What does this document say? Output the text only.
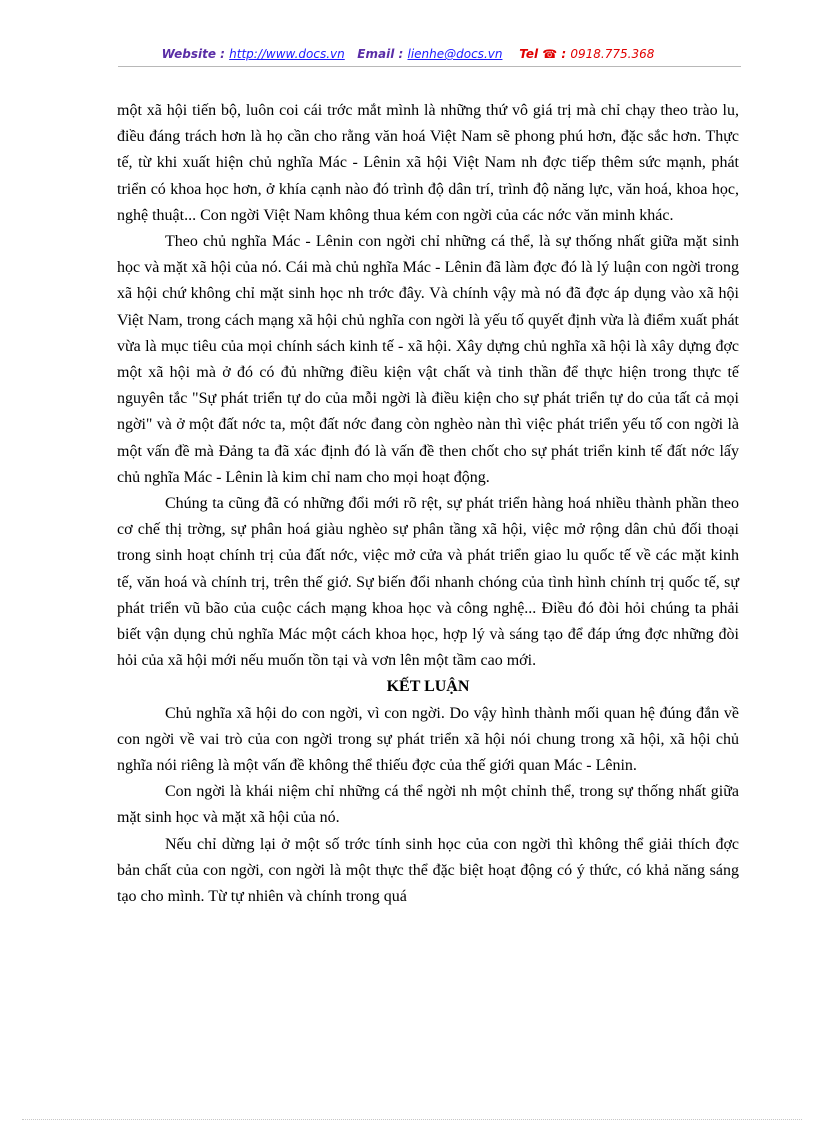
Website : http://www.docs.vn Email : lienhe@docs.vn Tel ☎ : 0918.775.368

một xã hội tiến bộ, luôn coi cái trớc mắt mình là những thứ vô giá trị mà chỉ chạy theo trào lu, điều đáng trách hơn là họ cần cho rằng văn hoá Việt Nam sẽ phong phú hơn, đặc sắc hơn. Thực tế, từ khi xuất hiện chủ nghĩa Mác - Lênin xã hội Việt Nam nh đợc tiếp thêm sức mạnh, phát triển có khoa học hơn, ở khía cạnh nào đó trình độ dân trí, trình độ năng lực, văn hoá, khoa học, nghệ thuật... Con ngời Việt Nam không thua kém con ngời của các nớc văn minh khác.

Theo chủ nghĩa Mác - Lênin con ngời chỉ những cá thể, là sự thống nhất giữa mặt sinh học và mặt xã hội của nó. Cái mà chủ nghĩa Mác - Lênin đã làm đợc đó là lý luận con ngời trong xã hội chứ không chỉ mặt sinh học nh trớc đây. Và chính vậy mà nó đã đợc áp dụng vào xã hội Việt Nam, trong cách mạng xã hội chủ nghĩa con ngời là yếu tố quyết định vừa là điểm xuất phát vừa là mục tiêu của mọi chính sách kinh tế - xã hội. Xây dựng chủ nghĩa xã hội là xây dựng đợc một xã hội mà ở đó có đủ những điều kiện vật chất và tinh thần để thực hiện trong thực tế nguyên tắc "Sự phát triển tự do của mỗi ngời là điều kiện cho sự phát triển tự do của tất cả mọi ngời" và ở một đất nớc ta, một đất nớc đang còn nghèo nàn thì việc phát triển yếu tố con ngời là một vấn đề mà Đảng ta đã xác định đó là vấn đề then chốt cho sự phát triển kinh tế đất nớc lấy chủ nghĩa Mác - Lênin là kim chỉ nam cho mọi hoạt động.

Chúng ta cũng đã có những đổi mới rõ rệt, sự phát triển hàng hoá nhiều thành phần theo cơ chế thị trờng, sự phân hoá giàu nghèo sự phân tầng xã hội, việc mở rộng dân chủ đối thoại trong sinh hoạt chính trị của đất nớc, việc mở cửa và phát triển giao lu quốc tế về các mặt kinh tế, văn hoá và chính trị, trên thế giớ. Sự biến đổi nhanh chóng của tình hình chính trị quốc tế, sự phát triển vũ bão của cuộc cách mạng khoa học và công nghệ... Điều đó đòi hỏi chúng ta phải biết vận dụng chủ nghĩa Mác một cách khoa học, hợp lý và sáng tạo để đáp ứng đợc những đòi hỏi của xã hội mới nếu muốn tồn tại và vơn lên một tầm cao mới.

KẾT LUẬN

Chủ nghĩa xã hội do con ngời, vì con ngời. Do vậy hình thành mối quan hệ đúng đắn về con ngời về vai trò của con ngời trong sự phát triển xã hội nói chung trong xã hội, xã hội chủ nghĩa nói riêng là một vấn đề không thể thiếu đợc của thế giới quan Mác - Lênin.

Con ngời là khái niệm chỉ những cá thể ngời nh một chỉnh thể, trong sự thống nhất giữa mặt sinh học và mặt xã hội của nó.

Nếu chỉ dừng lại ở một số trớc tính sinh học của con ngời thì không thể giải thích đợc bản chất của con ngời, con ngời là một thực thể đặc biệt hoạt động có ý thức, có khả năng sáng tạo cho mình. Từ tự nhiên và chính trong quá
